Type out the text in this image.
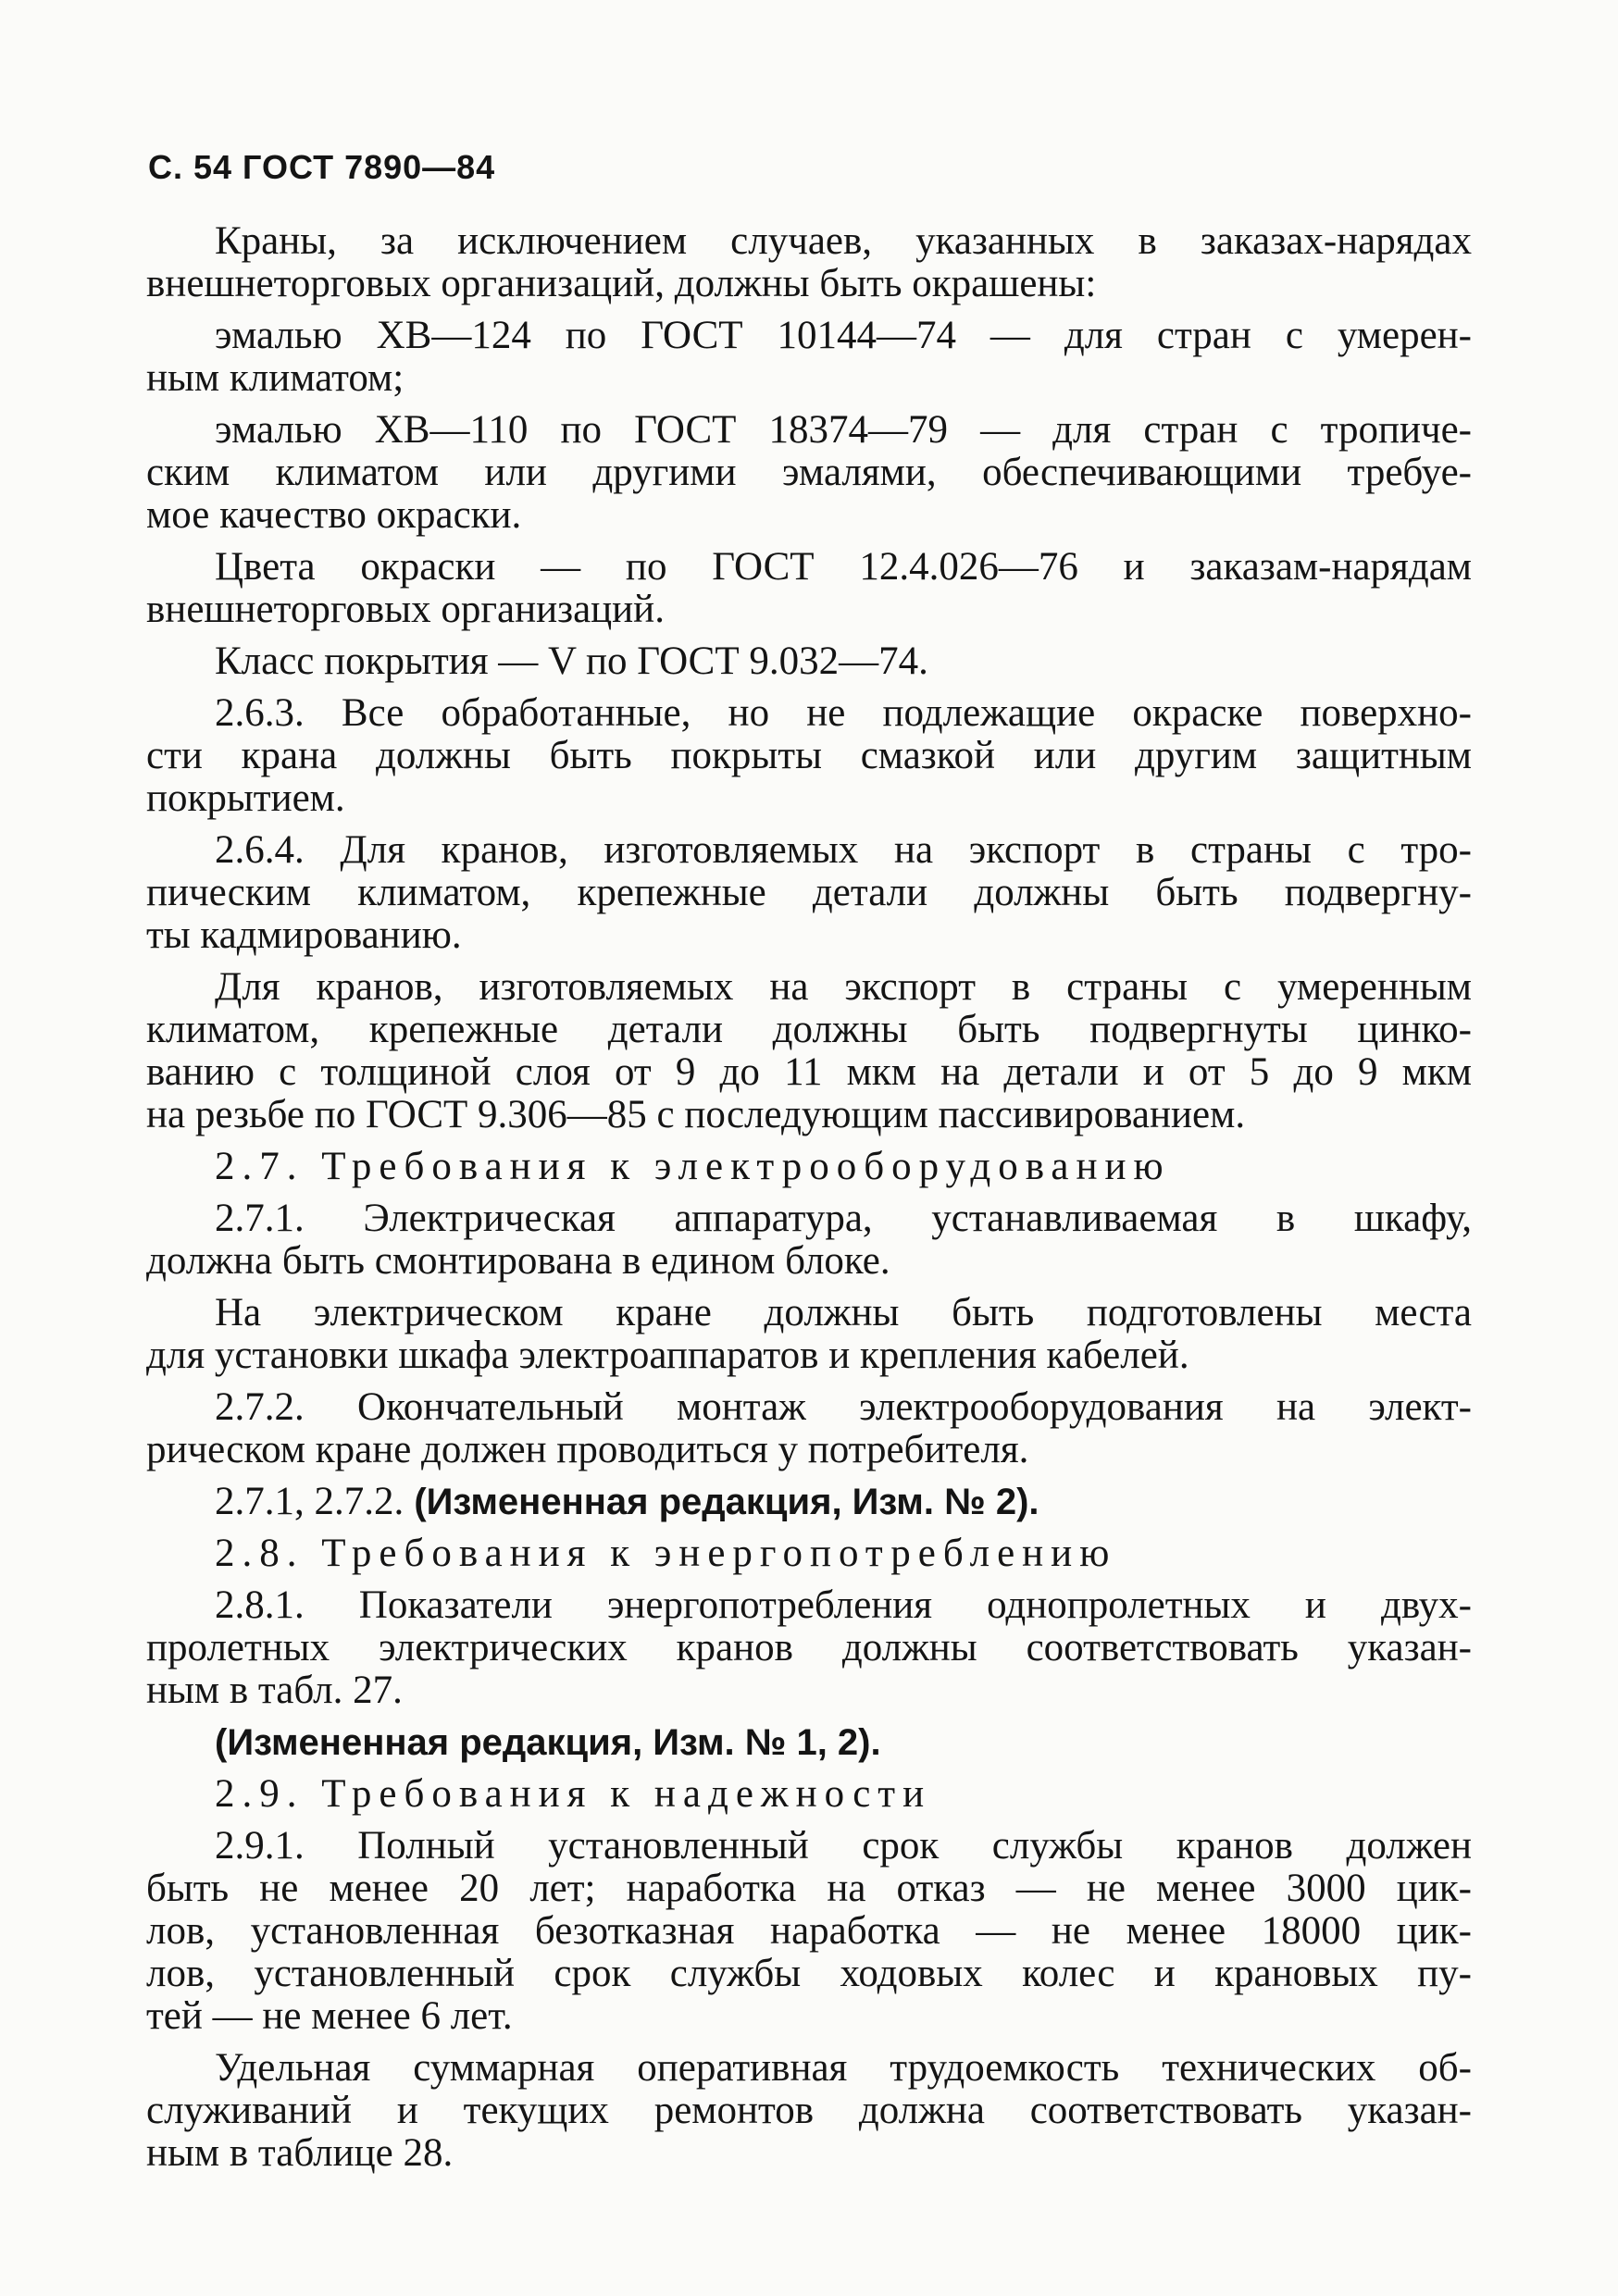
С. 54 ГОСТ 7890—84
Краны, за исключением случаев, указанных в заказах-нарядах
внешнеторговых организаций, должны быть окрашены:
эмалью ХВ—124 по ГОСТ 10144—74 — для стран с умерен-
ным климатом;
эмалью ХВ—110 по ГОСТ 18374—79 — для стран с тропиче-
ским климатом или другими эмалями, обеспечивающими требуе-
мое качество окраски.
Цвета окраски — по ГОСТ 12.4.026—76 и заказам-нарядам
внешнеторговых организаций.
Класс покрытия — V по ГОСТ 9.032—74.
2.6.3. Все обработанные, но не подлежащие окраске поверхно-
сти крана должны быть покрыты смазкой или другим защитным
покрытием.
2.6.4. Для кранов, изготовляемых на экспорт в страны с тро-
пическим климатом, крепежные детали должны быть подвергну-
ты кадмированию.
Для кранов, изготовляемых на экспорт в страны с умеренным
климатом, крепежные детали должны быть подвергнуты цинко-
ванию с толщиной слоя от 9 до 11 мкм на детали и от 5 до 9 мкм
на резьбе по ГОСТ 9.306—85 с последующим пассивированием.
2.7. Требования к электрооборудованию
2.7.1. Электрическая аппаратура, устанавливаемая в шкафу,
должна быть смонтирована в едином блоке.
На электрическом кране должны быть подготовлены места
для установки шкафа электроаппаратов и крепления кабелей.
2.7.2. Окончательный монтаж электрооборудования на элект-
рическом кране должен проводиться у потребителя.
2.7.1, 2.7.2. (Измененная редакция, Изм. № 2).
2.8. Требования к энергопотреблению
2.8.1. Показатели энергопотребления однопролетных и двух-
пролетных электрических кранов должны соответствовать указан-
ным в табл. 27.
(Измененная редакция, Изм. № 1, 2).
2.9. Требования к надежности
2.9.1. Полный установленный срок службы кранов должен
быть не менее 20 лет; наработка на отказ — не менее 3000 цик-
лов, установленная безотказная наработка — не менее 18000 цик-
лов, установленный срок службы ходовых колес и крановых пу-
тей — не менее 6 лет.
Удельная суммарная оперативная трудоемкость технических об-
служиваний и текущих ремонтов должна соответствовать указан-
ным в таблице 28.
